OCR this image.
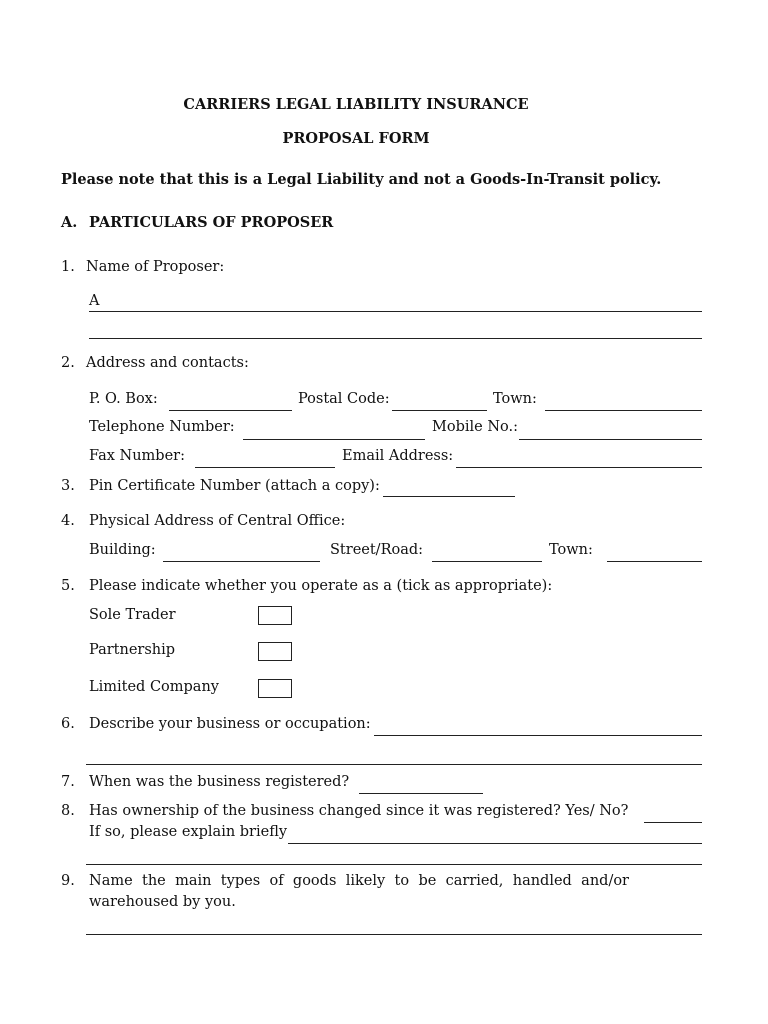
CARRIERS LEGAL LIABILITY INSURANCE
PROPOSAL FORM
Please note that this is a Legal Liability and not a Goods-In-Transit policy.
A. PARTICULARS OF PROPOSER
1. Name of Proposer:
A
2. Address and contacts:
P. O. Box:	Postal Code:	Town:
Telephone Number:	Mobile No.:
Fax Number:	Email Address:
3. Pin Certificate Number (attach a copy):
4. Physical Address of Central Office:
Building:	Street/Road:	Town:
5. Please indicate whether you operate as a (tick as appropriate):
Sole Trader
Partnership
Limited Company
6. Describe your business or occupation:
7. When was the business registered?
8. Has ownership of the business changed since it was registered? Yes/ No?
If so, please explain briefly
9. Name the main types of goods likely to be carried, handled and/or
warehoused by you.
